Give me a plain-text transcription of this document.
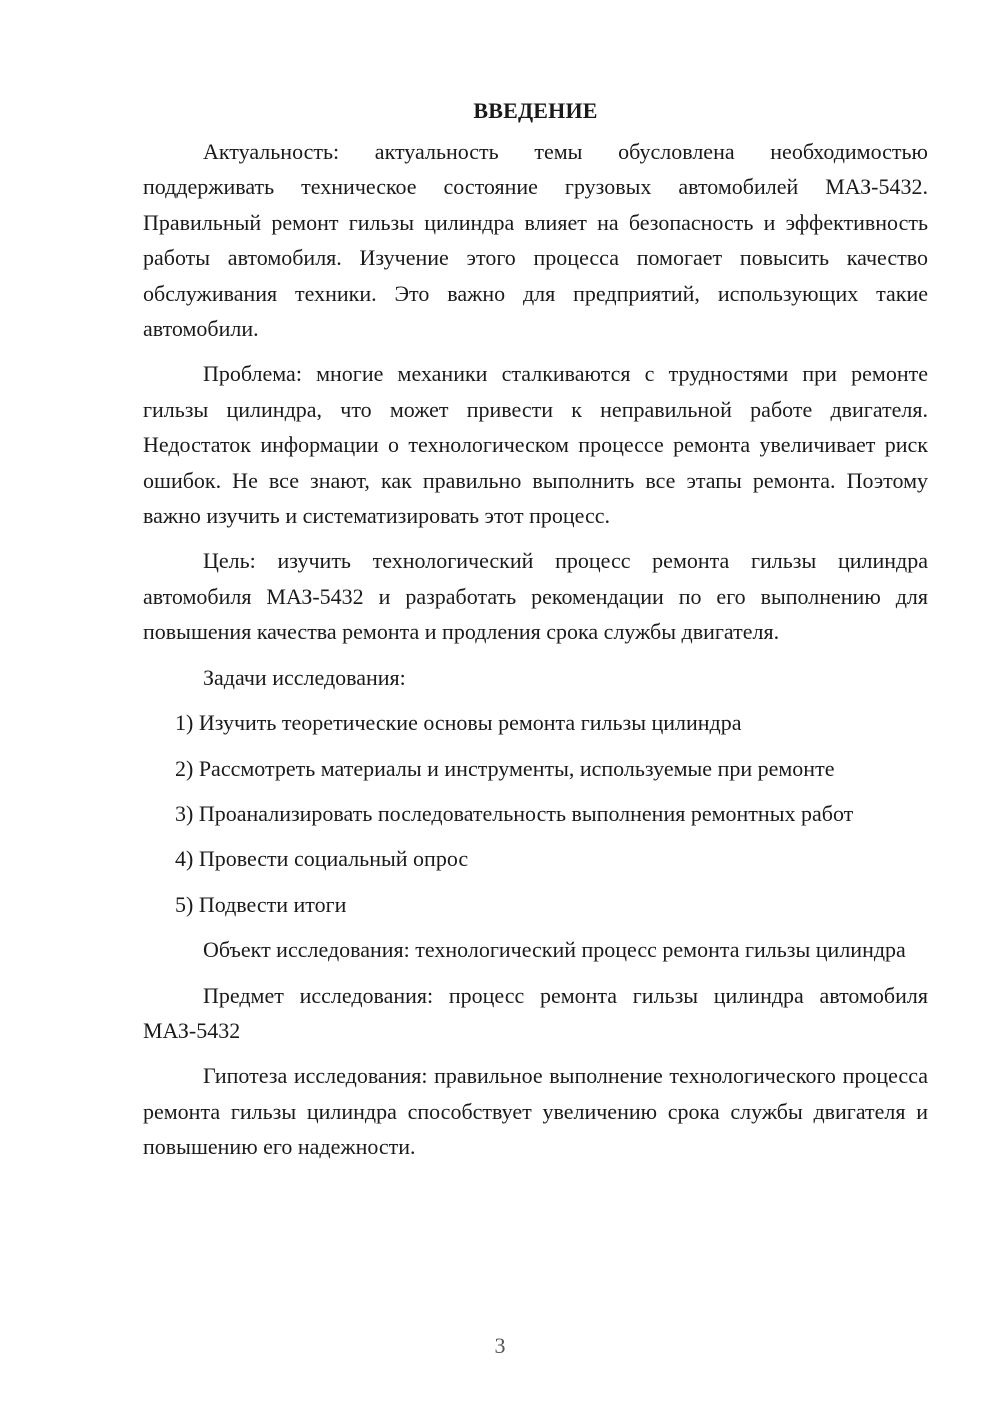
ВВЕДЕНИЕ

Актуальность: актуальность темы обусловлена необходимостью поддерживать техническое состояние грузовых автомобилей МАЗ-5432. Правильный ремонт гильзы цилиндра влияет на безопасность и эффективность работы автомобиля. Изучение этого процесса помогает повысить качество обслуживания техники. Это важно для предприятий, использующих такие автомобили.

Проблема: многие механики сталкиваются с трудностями при ремонте гильзы цилиндра, что может привести к неправильной работе двигателя. Недостаток информации о технологическом процессе ремонта увеличивает риск ошибок. Не все знают, как правильно выполнить все этапы ремонта. Поэтому важно изучить и систематизировать этот процесс.

Цель: изучить технологический процесс ремонта гильзы цилиндра автомобиля МАЗ-5432 и разработать рекомендации по его выполнению для повышения качества ремонта и продления срока службы двигателя.

Задачи исследования:

1) Изучить теоретические основы ремонта гильзы цилиндра

2) Рассмотреть материалы и инструменты, используемые при ремонте

3) Проанализировать последовательность выполнения ремонтных работ

4) Провести социальный опрос

5) Подвести итоги

Объект исследования: технологический процесс ремонта гильзы цилиндра

Предмет исследования: процесс ремонта гильзы цилиндра автомобиля МАЗ-5432

Гипотеза исследования: правильное выполнение технологического процесса ремонта гильзы цилиндра способствует увеличению срока службы двигателя и повышению его надежности.

3
